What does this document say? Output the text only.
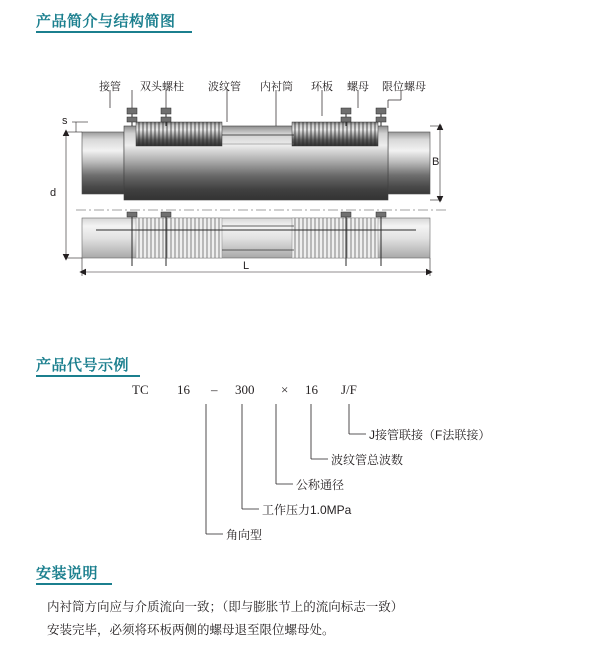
产品简介与结构简图
接管 双头螺柱 波纹管 内衬筒 环板 螺母 限位螺母
s
d
B
L
产品代号示例
TC 16 – 300 × 16 J/F
J接管联接（F法联接）
波纹管总波数
公称通径
工作压力1.0MPa
角向型
安装说明

内衬筒方向应与介质流向一致；（即与膨胀节上的流向标志一致）

安装完毕，必须将环板两侧的螺母退至限位螺母处。
